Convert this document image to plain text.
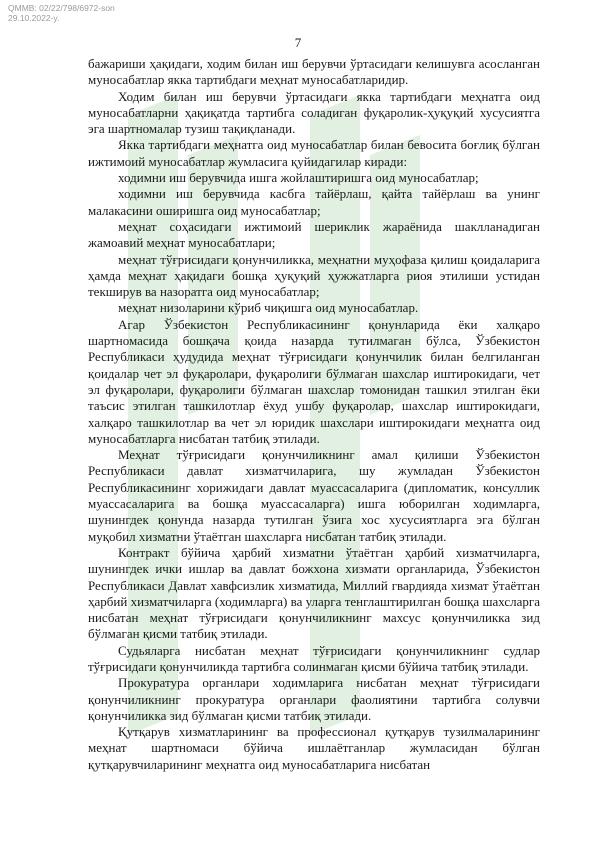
QMMB: 02/22/798/6972-son
29.10.2022-y.
7

бажариши ҳақидаги, ходим билан иш берувчи ўртасидаги келишувга асосланган муносабатлар якка тартибдаги меҳнат муносабатларидир.

Ходим билан иш берувчи ўртасидаги якка тартибдаги меҳнатга оид муносабатларни ҳақиқатда тартибга соладиган фуқаролик-ҳуқуқий хусусиятга эга шартномалар тузиш тақиқланади.

Якка тартибдаги меҳнатга оид муносабатлар билан бевосита боғлиқ бўлган ижтимоий муносабатлар жумласига қуйидагилар киради:

ходимни иш берувчида ишга жойлаштиришга оид муносабатлар;

ходимни иш берувчида касбга тайёрлаш, қайта тайёрлаш ва унинг малакасини оширишга оид муносабатлар;

меҳнат соҳасидаги ижтимоий шериклик жараёнида шаклланадиган жамоавий меҳнат муносабатлари;

меҳнат тўғрисидаги қонунчиликка, меҳнатни муҳофаза қилиш қоидаларига ҳамда меҳнат ҳақидаги бошқа ҳуқуқий ҳужжатларга риоя этилиши устидан текширув ва назоратга оид муносабатлар;

меҳнат низоларини кўриб чиқишга оид муносабатлар.

Агар Ўзбекистон Республикасининг қонунларида ёки халқаро шартномасида бошқача қоида назарда тутилмаган бўлса, Ўзбекистон Республикаси ҳудудида меҳнат тўғрисидаги қонунчилик билан белгиланган қоидалар чет эл фуқаролари, фуқаролиги бўлмаган шахслар иштирокидаги, чет эл фуқаролари, фуқаролиги бўлмаган шахслар томонидан ташкил этилган ёки таъсис этилган ташкилотлар ёхуд ушбу фуқаролар, шахслар иштирокидаги, халқаро ташкилотлар ва чет эл юридик шахслари иштирокидаги меҳнатга оид муносабатларга нисбатан татбиқ этилади.

Меҳнат тўғрисидаги қонунчиликнинг амал қилиши Ўзбекистон Республикаси давлат хизматчиларига, шу жумладан Ўзбекистон Республикасининг хорижидаги давлат муассасаларига (дипломатик, консуллик муассасаларига ва бошқа муассасаларга) ишга юборилган ходимларга, шунингдек қонунда назарда тутилган ўзига хос хусусиятларга эга бўлган муқобил хизматни ўтаётган шахсларга нисбатан татбиқ этилади.

Контракт бўйича ҳарбий хизматни ўтаётган ҳарбий хизматчиларга, шунингдек ички ишлар ва давлат божхона хизмати органларида, Ўзбекистон Республикаси Давлат хавфсизлик хизматида, Миллий гвардияда хизмат ўтаётган ҳарбий хизматчиларга (ходимларга) ва уларга тенглаштирилган бошқа шахсларга нисбатан меҳнат тўғрисидаги қонунчиликнинг махсус қонунчиликка зид бўлмаган қисми татбиқ этилади.

Судьяларга нисбатан меҳнат тўғрисидаги қонунчиликнинг судлар тўғрисидаги қонунчиликда тартибга солинмаган қисми бўйича татбиқ этилади.

Прокуратура органлари ходимларига нисбатан меҳнат тўғрисидаги қонунчиликнинг прокуратура органлари фаолиятини тартибга солувчи қонунчиликка зид бўлмаган қисми татбиқ этилади.

Қутқарув хизматларининг ва профессионал қутқарув тузилмаларининг меҳнат шартномаси бўйича ишлаётганлар жумласидан бўлган қутқарувчиларининг меҳнатга оид муносабатларига нисбатан
